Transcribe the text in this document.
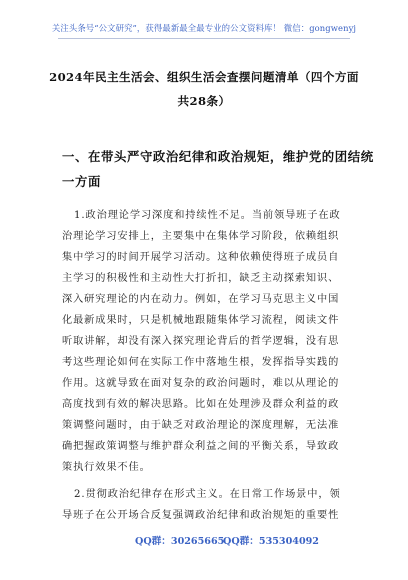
关注头条号“公文研究”，获得最新最全最专业的公文资料库！ 微信：gongwenyj
2024年民主生活会、组织生活会查摆问题清单（四个方面
共28条）
一、在带头严守政治纪律和政治规矩，维护党的团结统
一方面
1.政治理论学习深度和持续性不足。当前领导班子在政
治理论学习安排上，主要集中在集体学习阶段，依赖组织
集中学习的时间开展学习活动。这种依赖使得班子成员自
主学习的积极性和主动性大打折扣，缺乏主动探索知识、
深入研究理论的内在动力。例如，在学习马克思主义中国
化最新成果时，只是机械地跟随集体学习流程，阅读文件
听取讲解，却没有深入探究理论背后的哲学逻辑，没有思
考这些理论如何在实际工作中落地生根，发挥指导实践的
作用。这就导致在面对复杂的政治问题时，难以从理论的
高度找到有效的解决思路。比如在处理涉及群众利益的政
策调整问题时，由于缺乏对政治理论的深度理解，无法准
确把握政策调整与维护群众利益之间的平衡关系，导致政
策执行效果不佳。
2.贯彻政治纪律存在形式主义。在日常工作场景中，领
导班子在公开场合反复强调政治纪律和政治规矩的重要性
QQ群：30265665
QQ群：535304092
